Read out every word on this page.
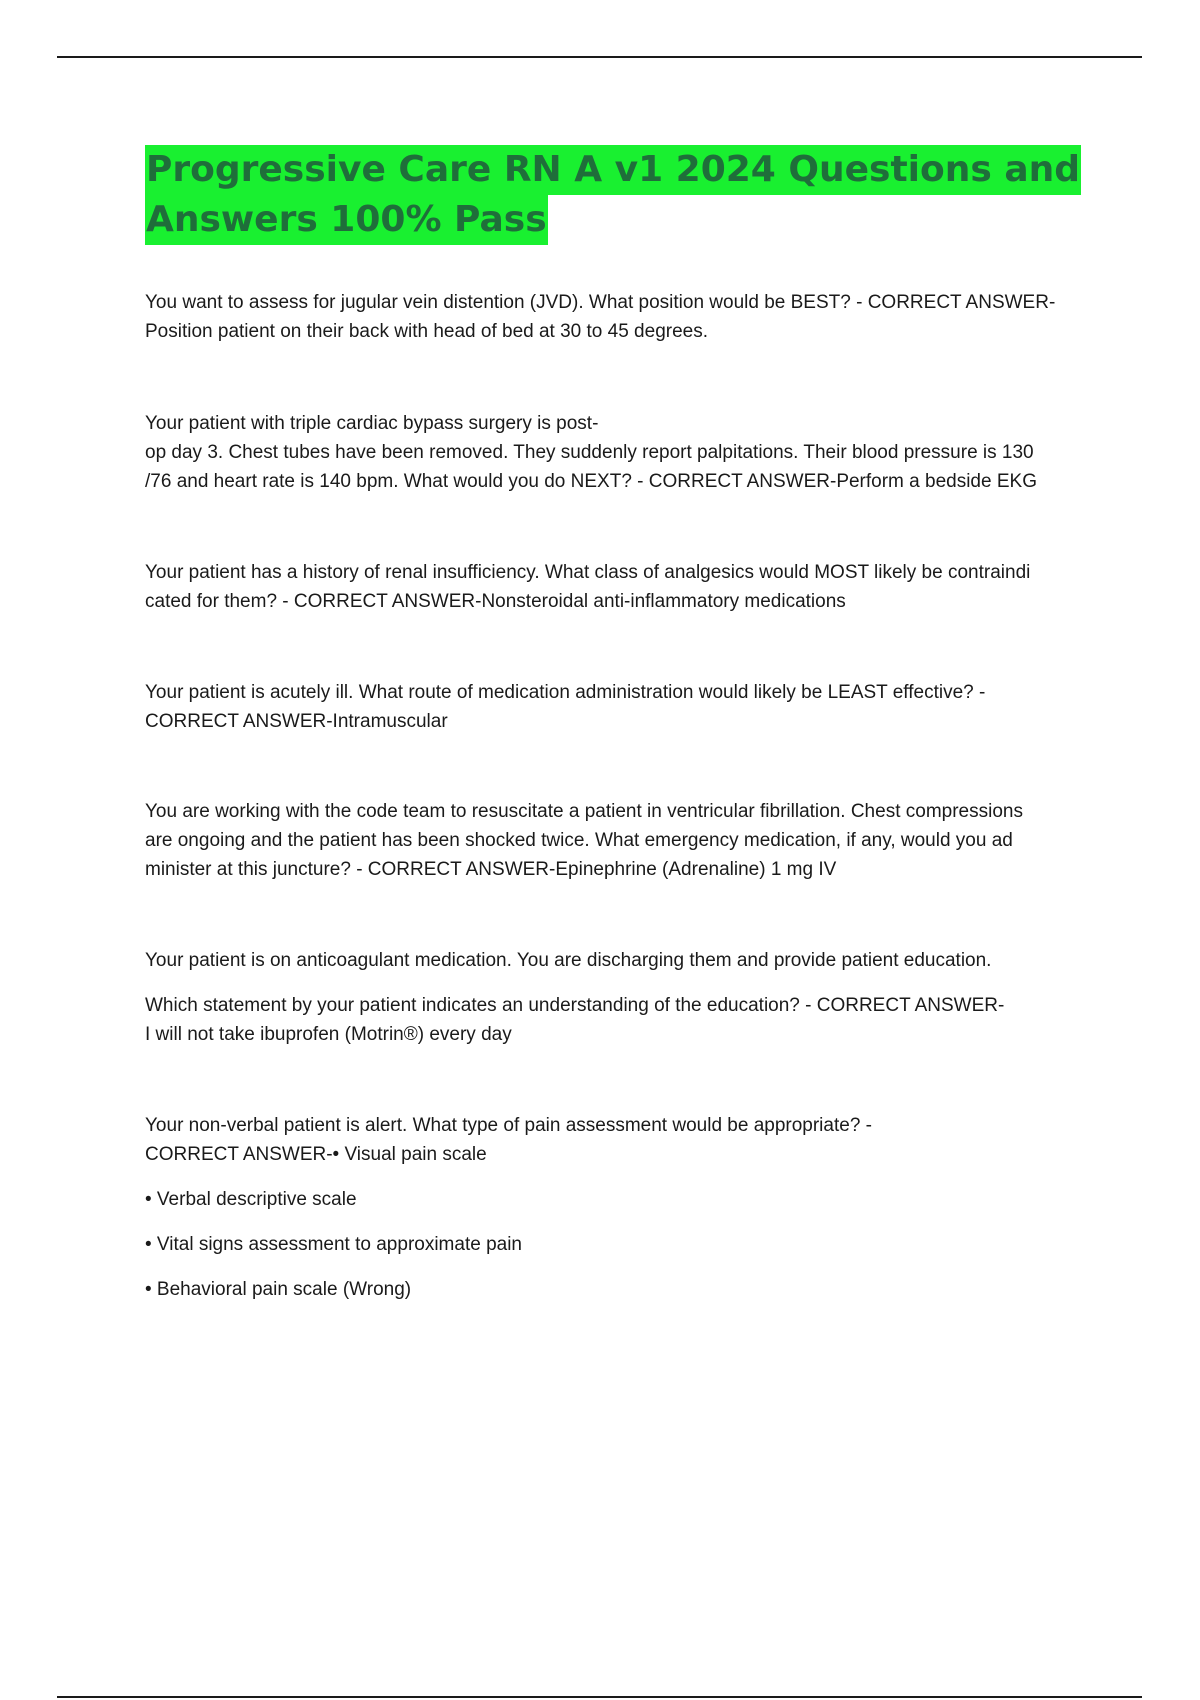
Progressive Care RN A v1 2024 Questions and
Answers 100% Pass

You want to assess for jugular vein distention (JVD). What position would be BEST? - CORRECT ANSWER-

Position patient on their back with head of bed at 30 to 45 degrees.

Your patient with triple cardiac bypass surgery is post-

op day 3. Chest tubes have been removed. They suddenly report palpitations. Their blood pressure is 130

/76 and heart rate is 140 bpm. What would you do NEXT? - CORRECT ANSWER-Perform a bedside EKG

Your patient has a history of renal insufficiency. What class of analgesics would MOST likely be contraindi

cated for them? - CORRECT ANSWER-Nonsteroidal anti-inflammatory medications

Your patient is acutely ill. What route of medication administration would likely be LEAST effective? -

CORRECT ANSWER-Intramuscular

You are working with the code team to resuscitate a patient in ventricular fibrillation. Chest compressions

are ongoing and the patient has been shocked twice. What emergency medication, if any, would you ad

minister at this juncture? - CORRECT ANSWER-Epinephrine (Adrenaline) 1 mg IV

Your patient is on anticoagulant medication. You are discharging them and provide patient education.

Which statement by your patient indicates an understanding of the education? - CORRECT ANSWER-

I will not take ibuprofen (Motrin®) every day

Your non-verbal patient is alert. What type of pain assessment would be appropriate? -

CORRECT ANSWER-• Visual pain scale

• Verbal descriptive scale

• Vital signs assessment to approximate pain

• Behavioral pain scale (Wrong)
